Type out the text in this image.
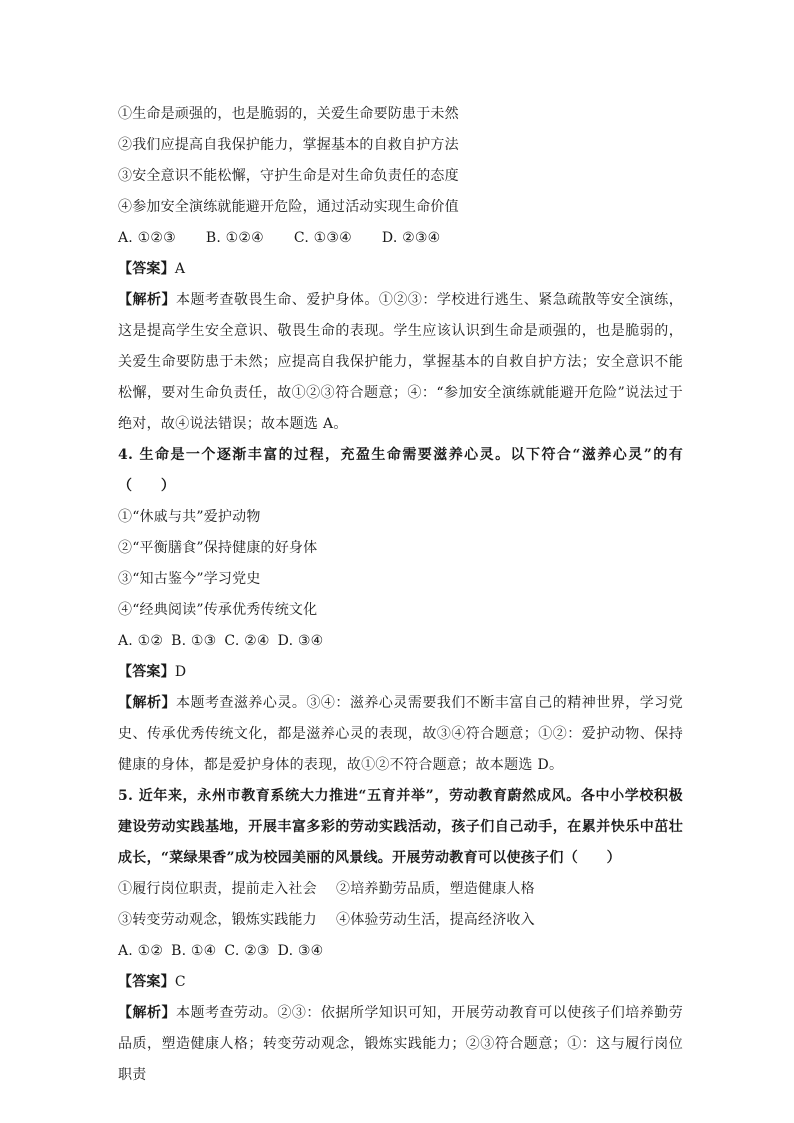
①生命是顽强的，也是脆弱的，关爱生命要防患于未然
②我们应提高自我保护能力，掌握基本的自救自护方法
③安全意识不能松懈，守护生命是对生命负责任的态度
④参加安全演练就能避开危险，通过活动实现生命价值
A. ①②③ B. ①②④ C. ①③④ D. ②③④
【答案】A
【解析】本题考查敬畏生命、爱护身体。①②③：学校进行逃生、紧急疏散等安全演练，这是提高学生安全意识、敬畏生命的表现。学生应该认识到生命是顽强的，也是脆弱的，关爱生命要防患于未然；应提高自我保护能力，掌握基本的自救自护方法；安全意识不能松懈，要对生命负责任，故①②③符合题意；④：“参加安全演练就能避开危险”说法过于绝对，故④说法错误；故本题选 A。
4. 生命是一个逐渐丰富的过程，充盈生命需要滋养心灵。以下符合“滋养心灵”的有（　　）
①“休戚与共”爱护动物
②“平衡膳食”保持健康的好身体
③“知古鉴今”学习党史
④“经典阅读”传承优秀传统文化
A. ①② B. ①③ C. ②④ D. ③④
【答案】D
【解析】本题考查滋养心灵。③④：滋养心灵需要我们不断丰富自己的精神世界，学习党史、传承优秀传统文化，都是滋养心灵的表现，故③④符合题意；①②：爱护动物、保持健康的身体，都是爱护身体的表现，故①②不符合题意；故本题选 D。
5. 近年来，永州市教育系统大力推进“五育并举”，劳动教育蔚然成风。各中小学校积极建设劳动实践基地，开展丰富多彩的劳动实践活动，孩子们自己动手，在累并快乐中茁壮成长，“菜绿果香”成为校园美丽的风景线。开展劳动教育可以使孩子们（　　）
①履行岗位职责，提前走入社会 ②培养勤劳品质，塑造健康人格
③转变劳动观念，锻炼实践能力 ④体验劳动生活，提高经济收入
A. ①② B. ①④ C. ②③ D. ③④
【答案】C
【解析】本题考查劳动。②③：依据所学知识可知，开展劳动教育可以使孩子们培养勤劳品质，塑造健康人格；转变劳动观念，锻炼实践能力；②③符合题意；①：这与履行岗位职责
